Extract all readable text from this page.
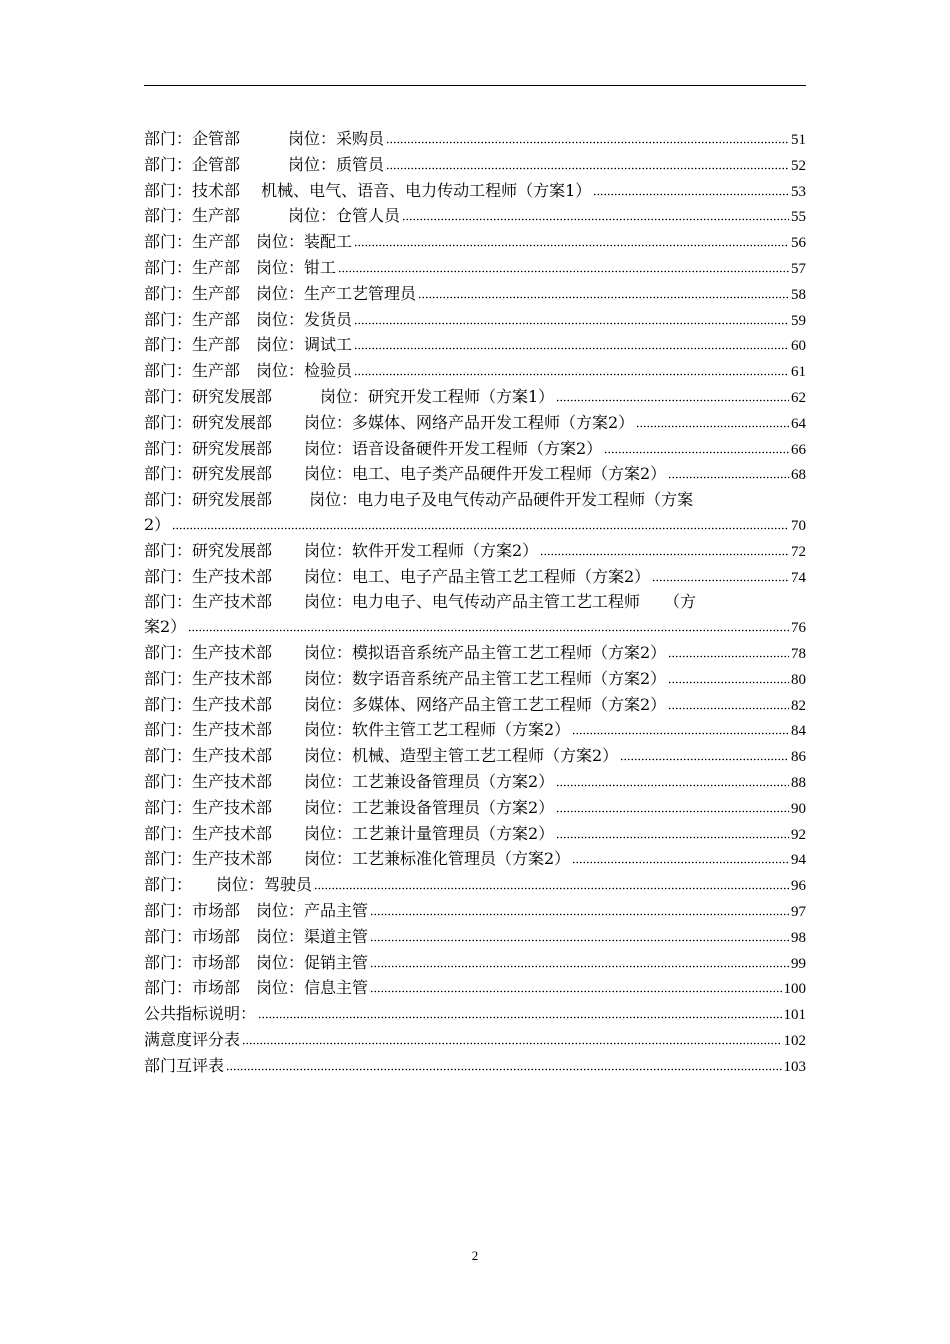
部门：企管部　　　岗位：采购员	51
部门：企管部　　　岗位：质管员	52
部门：技术部　 机械、电气、语音、电力传动工程师（方案1）	53
部门：生产部　　　岗位：仓管人员	55
部门：生产部　岗位：装配工	56
部门：生产部　岗位：钳工	57
部门：生产部　岗位：生产工艺管理员	58
部门：生产部　岗位：发货员	59
部门：生产部　岗位：调试工	60
部门：生产部　岗位：检验员	61
部门：研究发展部　　　岗位：研究开发工程师（方案1）	62
部门：研究发展部　　岗位：多媒体、网络产品开发工程师（方案2）	64
部门：研究发展部　　岗位：语音设备硬件开发工程师（方案2）	66
部门：研究发展部　　岗位：电工、电子类产品硬件开发工程师（方案2）	68
部门：研究发展部　　 岗位：电力电子及电气传动产品硬件开发工程师（方案
2）	70
部门：研究发展部　　岗位：软件开发工程师（方案2）	72
部门：生产技术部　　岗位：电工、电子产品主管工艺工程师（方案2）	74
部门：生产技术部　　岗位：电力电子、电气传动产品主管工艺工程师　　（方
案2）	76
部门：生产技术部　　岗位：模拟语音系统产品主管工艺工程师（方案2）	78
部门：生产技术部　　岗位：数字语音系统产品主管工艺工程师（方案2）	80
部门：生产技术部　　岗位：多媒体、网络产品主管工艺工程师（方案2）	82
部门：生产技术部　　岗位：软件主管工艺工程师（方案2）	84
部门：生产技术部　　岗位：机械、造型主管工艺工程师（方案2）	86
部门：生产技术部　　岗位：工艺兼设备管理员（方案2）	88
部门：生产技术部　　岗位：工艺兼设备管理员（方案2）	90
部门：生产技术部　　岗位：工艺兼计量管理员（方案2）	92
部门：生产技术部　　岗位：工艺兼标准化管理员（方案2）	94
部门：　　岗位：驾驶员	96
部门：市场部　岗位：产品主管	97
部门：市场部　岗位：渠道主管	98
部门：市场部　岗位：促销主管	99
部门：市场部　岗位：信息主管	100
公共指标说明：	101
满意度评分表	102
部门互评表	103
2
